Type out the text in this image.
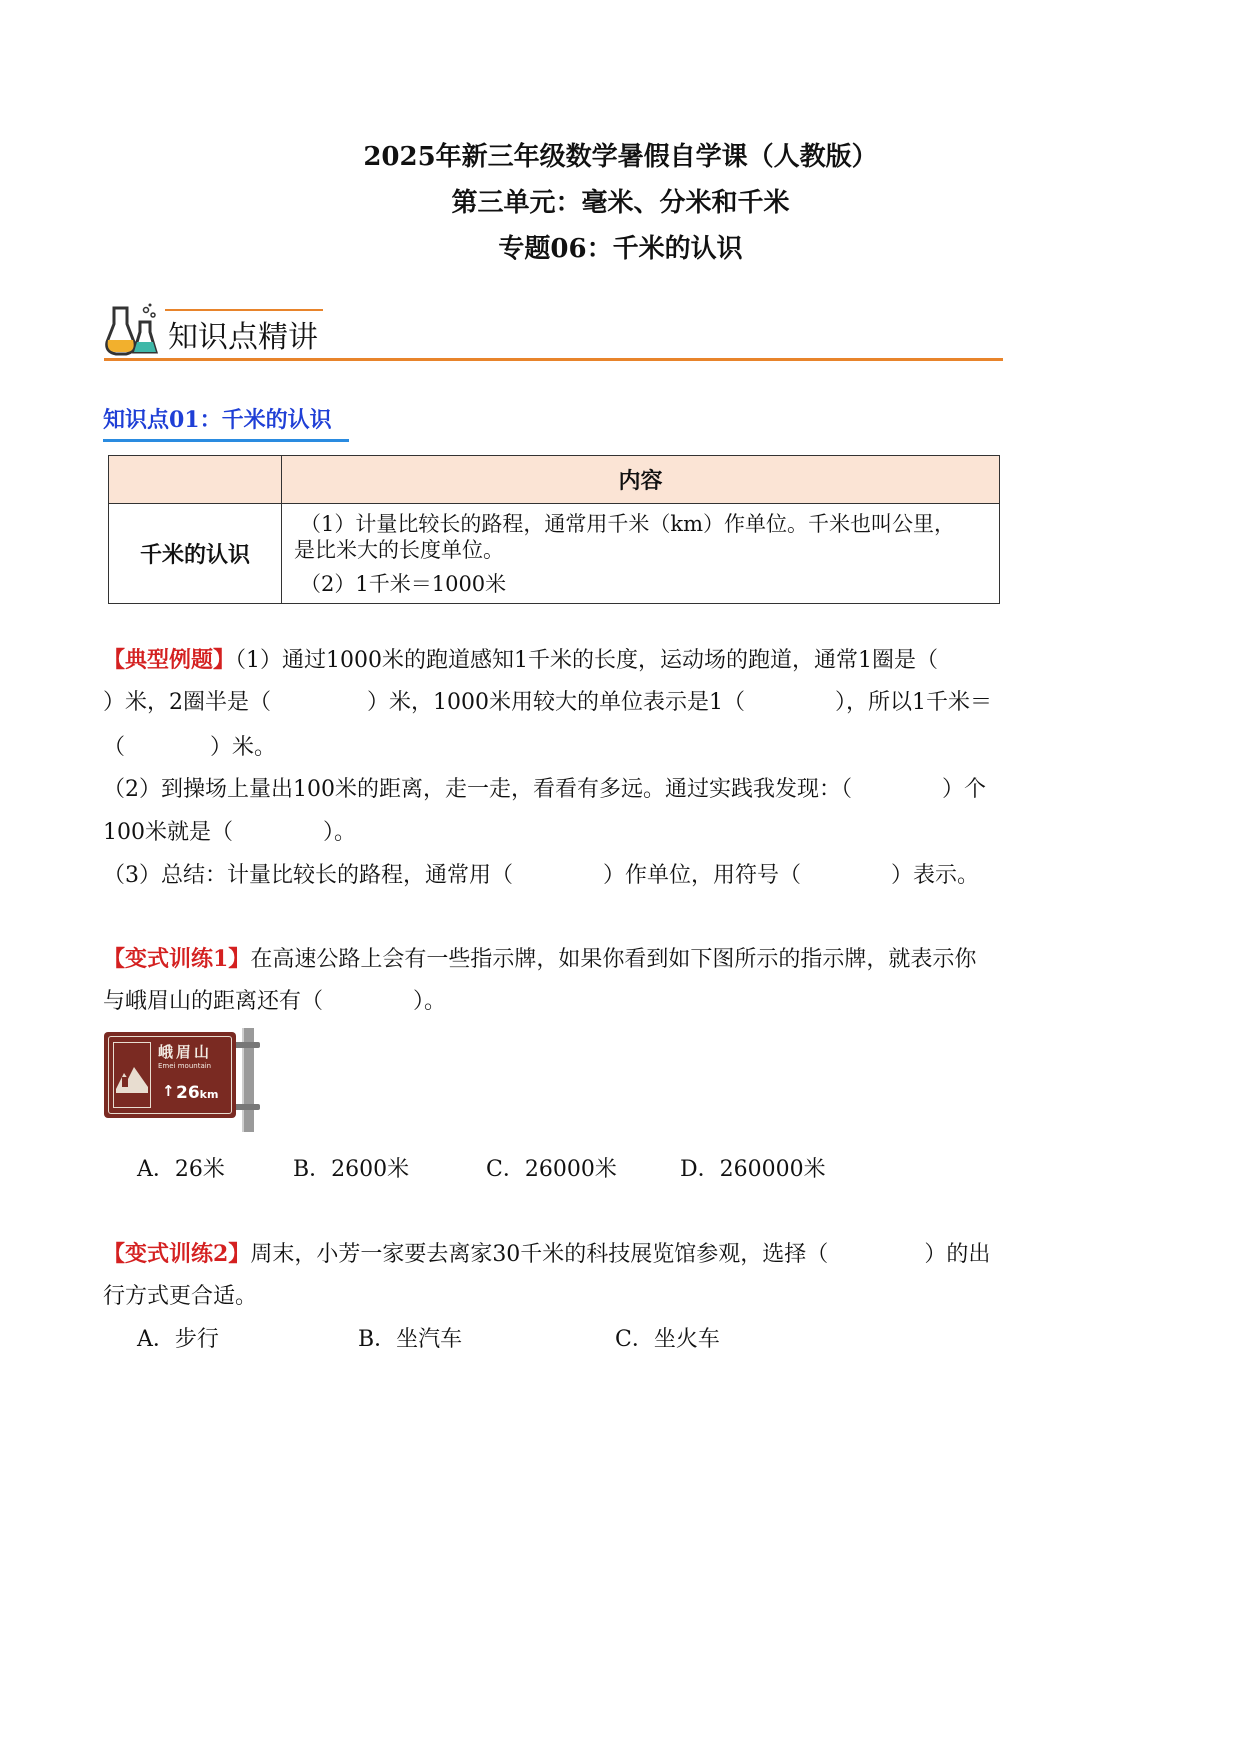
2025年新三年级数学暑假自学课（人教版）
第三单元：毫米、分米和千米
专题06：千米的认识
知识点精讲
知识点01：千米的认识
	内容
千米的认识	（1）计量比较长的路程，通常用千米（km）作单位。千米也叫公里，
是比米大的长度单位。
（2）1千米＝1000米
【典型例题】（1）通过1000米的跑道感知1千米的长度，运动场的跑道，通常1圈是（
）米，2圈半是（	）米，1000米用较大的单位表示是1（	），所以1千米＝
（	）米。
（2）到操场上量出100米的距离，走一走，看看有多远。通过实践我发现：（	）个
100米就是（	）。
（3）总结：计量比较长的路程，通常用（	）作单位，用符号（	）表示。
【变式训练1】在高速公路上会有一些指示牌，如果你看到如下图所示的指示牌，就表示你
与峨眉山的距离还有（	）。
峨眉山
Emei mountain
↑ 26km
A．26米	B．2600米	C．26000米	D．260000米
【变式训练2】周末，小芳一家要去离家30千米的科技展览馆参观，选择（	）的出
行方式更合适。
A．步行	B．坐汽车	C．坐火车
